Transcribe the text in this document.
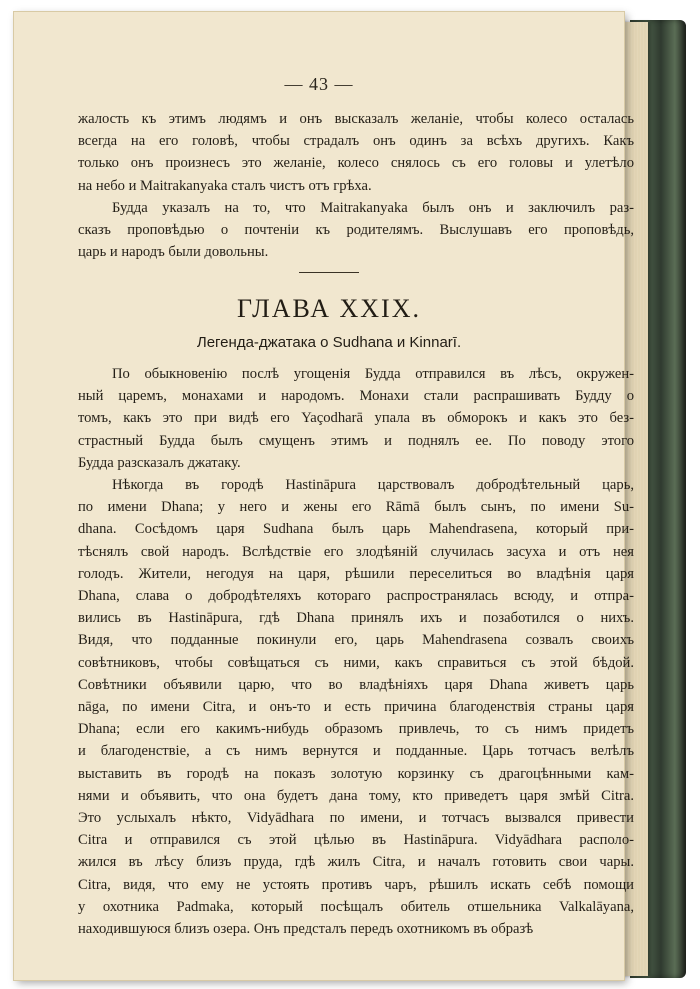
— 43 —

жалость къ этимъ людямъ и онъ высказалъ желаніе, чтобы колесо осталась
всегда на его головѣ, чтобы страдалъ онъ одинъ за всѣхъ другихъ. Какъ
только онъ произнесъ это желаніе, колесо снялось съ его головы и улетѣло
на небо и Maitrakanyaka сталъ чистъ отъ грѣха.

Будда указалъ на то, что Maitrakanyaka былъ онъ и заключилъ раз-
сказъ проповѣдью о почтеніи къ родителямъ. Выслушавъ его проповѣдь,
царь и народъ были довольны.

ГЛАВА XXIX.
Легенда-джатака о Sudhana и Kinnarī.

По обыкновенію послѣ угощенія Будда отправился въ лѣсъ, окружен-
ный царемъ, монахами и народомъ. Монахи стали распрашивать Будду о
томъ, какъ это при видѣ его Yaçodharā упала въ обморокъ и какъ это без-
страстный Будда былъ смущенъ этимъ и поднялъ ее. По поводу этого
Будда разсказалъ джатаку.

Нѣкогда въ городѣ Hastināpura царствовалъ добродѣтельный царь,
по имени Dhana; у него и жены его Rāmā былъ сынъ, по имени Su-
dhana. Сосѣдомъ царя Sudhana былъ царь Mahendrasena, который при-
тѣснялъ свой народъ. Вслѣдствіе его злодѣяній случилась засуха и отъ нея
голодъ. Жители, негодуя на царя, рѣшили переселиться во владѣнія царя
Dhana, слава о добродѣтеляхъ котораго распространялась всюду, и отпра-
вились въ Hastināpura, гдѣ Dhana принялъ ихъ и позаботился о нихъ.
Видя, что подданные покинули его, царь Mahendrasena созвалъ своихъ
совѣтниковъ, чтобы совѣщаться съ ними, какъ справиться съ этой бѣдой.
Совѣтники объявили царю, что во владѣніяхъ царя Dhana живетъ царь
nāga, по имени Citra, и онъ-то и есть причина благоденствія страны царя
Dhana; если его какимъ-нибудь образомъ привлечь, то съ нимъ придетъ
и благоденствіе, а съ нимъ вернутся и подданные. Царь тотчасъ велѣлъ
выставить въ городѣ на показъ золотую корзинку съ драгоцѣнными кам-
нями и объявить, что она будетъ дана тому, кто приведетъ царя змѣй Citra.
Это услыхалъ нѣкто, Vidyādhara по имени, и тотчасъ вызвался привести
Citra и отправился съ этой цѣлью въ Hastināpura. Vidyādhara располо-
жился въ лѣсу близъ пруда, гдѣ жилъ Citra, и началъ готовить свои чары.
Citra, видя, что ему не устоять противъ чаръ, рѣшилъ искать себѣ помощи
у охотника Padmaka, который посѣщалъ обитель отшельника Valkalāyana,
находившуюся близъ озера. Онъ предсталъ передъ охотникомъ въ образѣ
